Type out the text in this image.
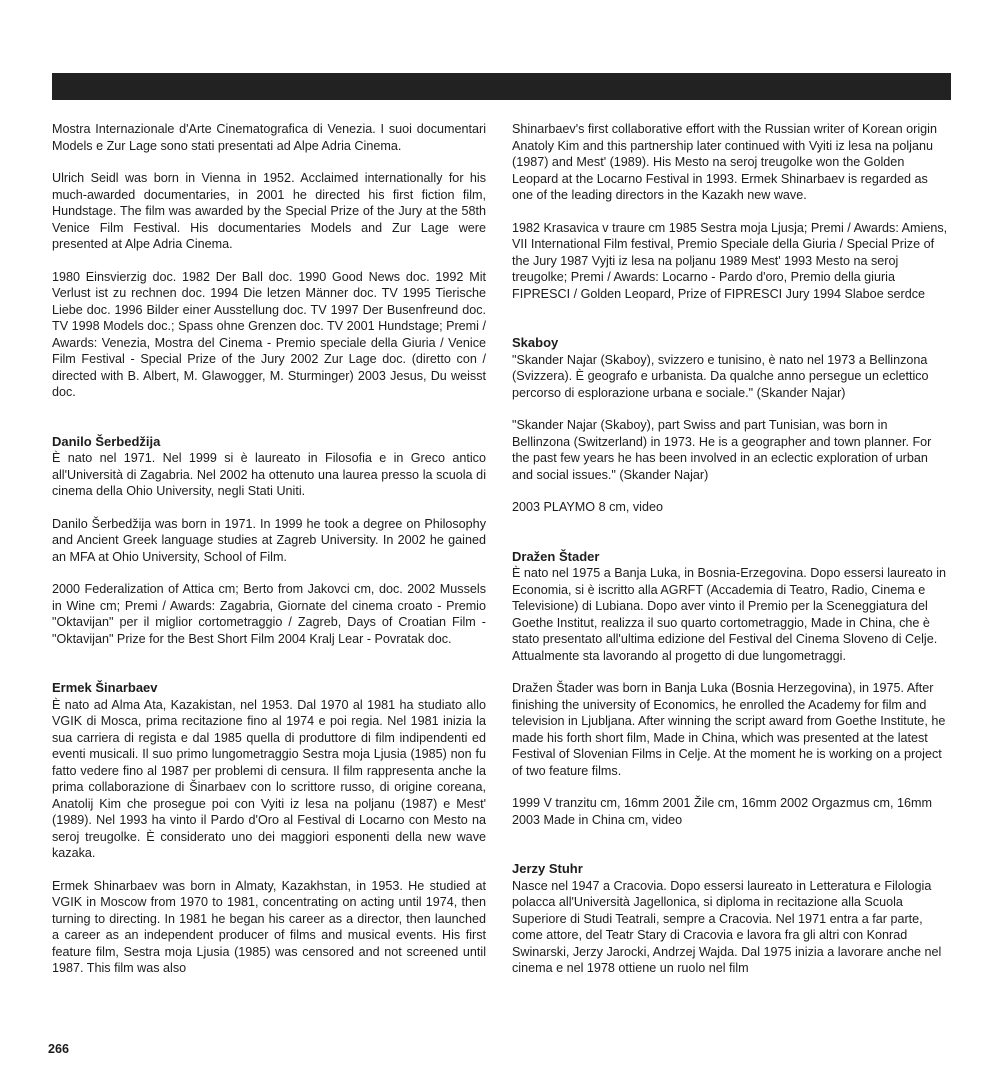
Mostra Internazionale d'Arte Cinematografica di Venezia. I suoi documentari Models e Zur Lage sono stati presentati ad Alpe Adria Cinema.

Ulrich Seidl was born in Vienna in 1952. Acclaimed internationally for his much-awarded documentaries, in 2001 he directed his first fiction film, Hundstage. The film was awarded by the Special Prize of the Jury at the 58th Venice Film Festival. His documentaries Models and Zur Lage were presented at Alpe Adria Cinema.

1980 Einsvierzig doc. 1982 Der Ball doc. 1990 Good News doc. 1992 Mit Verlust ist zu rechnen doc. 1994 Die letzen Männer doc. TV 1995 Tierische Liebe doc. 1996 Bilder einer Ausstellung doc. TV 1997 Der Busenfreund doc. TV 1998 Models doc.; Spass ohne Grenzen doc. TV 2001 Hundstage; Premi / Awards: Venezia, Mostra del Cinema - Premio speciale della Giuria / Venice Film Festival - Special Prize of the Jury 2002 Zur Lage doc. (diretto con / directed with B. Albert, M. Glawogger, M. Sturminger) 2003 Jesus, Du weisst doc.

Danilo Šerbedžija

È nato nel 1971. Nel 1999 si è laureato in Filosofia e in Greco antico all'Università di Zagabria. Nel 2002 ha ottenuto una laurea presso la scuola di cinema della Ohio University, negli Stati Uniti.

Danilo Šerbedžija was born in 1971. In 1999 he took a degree on Philosophy and Ancient Greek language studies at Zagreb University. In 2002 he gained an MFA at Ohio University, School of Film.

2000 Federalization of Attica cm; Berto from Jakovci cm, doc. 2002 Mussels in Wine cm; Premi / Awards: Zagabria, Giornate del cinema croato - Premio "Oktavijan" per il miglior cortometraggio / Zagreb, Days of Croatian Film - "Oktavijan" Prize for the Best Short Film 2004 Kralj Lear - Povratak doc.

Ermek Šinarbaev

È nato ad Alma Ata, Kazakistan, nel 1953. Dal 1970 al 1981 ha studiato allo VGIK di Mosca, prima recitazione fino al 1974 e poi regia. Nel 1981 inizia la sua carriera di regista e dal 1985 quella di produttore di film indipendenti ed eventi musicali. Il suo primo lungometraggio Sestra moja Ljusia (1985) non fu fatto vedere fino al 1987 per problemi di censura. Il film rappresenta anche la prima collaborazione di Šinarbaev con lo scrittore russo, di origine coreana, Anatolij Kim che prosegue poi con Vyiti iz lesa na poljanu (1987) e Mest' (1989). Nel 1993 ha vinto il Pardo d'Oro al Festival di Locarno con Mesto na seroj treugolke. È considerato uno dei maggiori esponenti della new wave kazaka.

Ermek Shinarbaev was born in Almaty, Kazakhstan, in 1953. He studied at VGIK in Moscow from 1970 to 1981, concentrating on acting until 1974, then turning to directing. In 1981 he began his career as a director, then launched a career as an independent producer of films and musical events. His first feature film, Sestra moja Ljusia (1985) was censored and not screened until 1987. This film was also

Shinarbaev's first collaborative effort with the Russian writer of Korean origin Anatoly Kim and this partnership later continued with Vyiti iz lesa na poljanu (1987) and Mest' (1989). His Mesto na seroj treugolke won the Golden Leopard at the Locarno Festival in 1993. Ermek Shinarbaev is regarded as one of the leading directors in the Kazakh new wave.

1982 Krasavica v traure cm 1985 Sestra moja Ljusja; Premi / Awards: Amiens, VII International Film festival, Premio Speciale della Giuria / Special Prize of the Jury 1987 Vyjti iz lesa na poljanu 1989 Mest' 1993 Mesto na seroj treugolke; Premi / Awards: Locarno - Pardo d'oro, Premio della giuria FIPRESCI / Golden Leopard, Prize of FIPRESCI Jury 1994 Slaboe serdce

Skaboy

"Skander Najar (Skaboy), svizzero e tunisino, è nato nel 1973 a Bellinzona (Svizzera). È geografo e urbanista. Da qualche anno persegue un eclettico percorso di esplorazione urbana e sociale." (Skander Najar)

"Skander Najar (Skaboy), part Swiss and part Tunisian, was born in Bellinzona (Switzerland) in 1973. He is a geographer and town planner. For the past few years he has been involved in an eclectic exploration of urban and social issues." (Skander Najar)

2003 PLAYMO 8 cm, video

Dražen Štader

È nato nel 1975 a Banja Luka, in Bosnia-Erzegovina. Dopo essersi laureato in Economia, si è iscritto alla AGRFT (Accademia di Teatro, Radio, Cinema e Televisione) di Lubiana. Dopo aver vinto il Premio per la Sceneggiatura del Goethe Institut, realizza il suo quarto cortometraggio, Made in China, che è stato presentato all'ultima edizione del Festival del Cinema Sloveno di Celje. Attualmente sta lavorando al progetto di due lungometraggi.

Dražen Štader was born in Banja Luka (Bosnia Herzegovina), in 1975. After finishing the university of Economics, he enrolled the Academy for film and television in Ljubljana. After winning the script award from Goethe Institute, he made his forth short film, Made in China, which was presented at the latest Festival of Slovenian Films in Celje. At the moment he is working on a project of two feature films.

1999 V tranzitu cm, 16mm 2001 Žile cm, 16mm 2002 Orgazmus cm, 16mm 2003 Made in China cm, video

Jerzy Stuhr

Nasce nel 1947 a Cracovia. Dopo essersi laureato in Letteratura e Filologia polacca all'Università Jagellonica, si diploma in recitazione alla Scuola Superiore di Studi Teatrali, sempre a Cracovia. Nel 1971 entra a far parte, come attore, del Teatr Stary di Cracovia e lavora fra gli altri con Konrad Swinarski, Jerzy Jarocki, Andrzej Wajda. Dal 1975 inizia a lavorare anche nel cinema e nel 1978 ottiene un ruolo nel film

266
